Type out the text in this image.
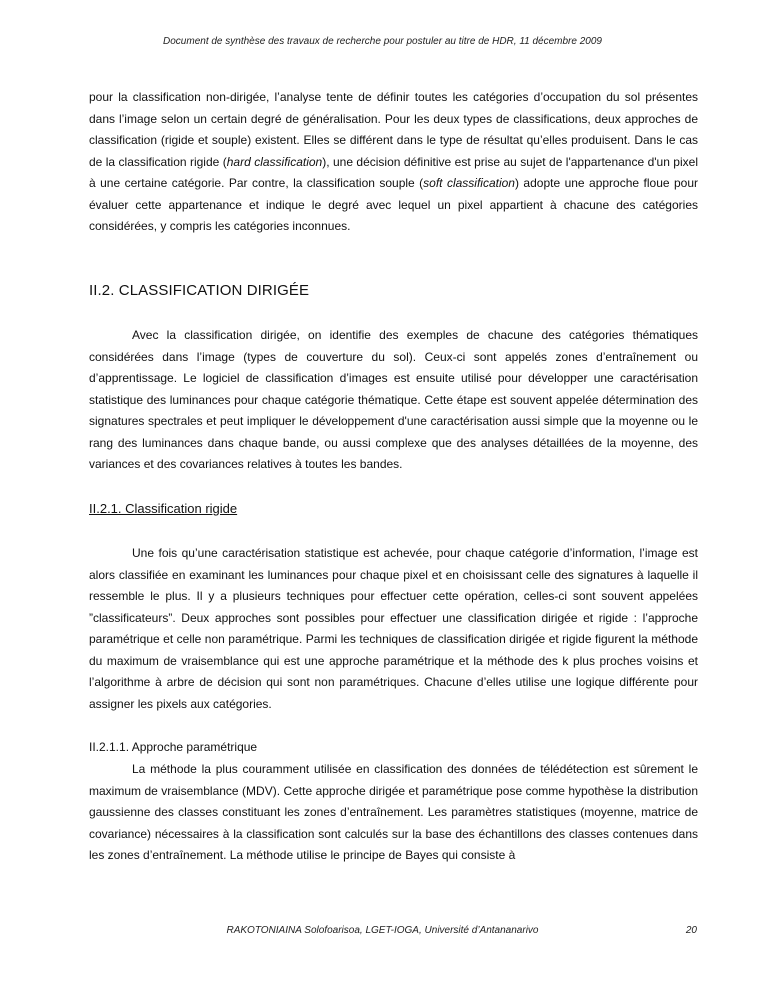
Document de synthèse des travaux de recherche pour postuler au titre de HDR, 11 décembre 2009

pour la classification non-dirigée, l’analyse tente de définir toutes les catégories d’occupation du sol présentes dans l’image selon un certain degré de généralisation. Pour les deux types de classifications, deux approches de classification (rigide et souple) existent. Elles se différent dans le type de résultat qu’elles produisent. Dans le cas de la classification rigide (hard classification), une décision définitive est prise au sujet de l'appartenance d'un pixel à une certaine catégorie. Par contre, la classification souple (soft classification) adopte une approche floue pour évaluer cette appartenance et indique le degré avec lequel un pixel appartient à chacune des catégories considérées, y compris les catégories inconnues.

II.2. CLASSIFICATION DIRIGÉE

Avec la classification dirigée, on identifie des exemples de chacune des catégories thématiques considérées dans l’image (types de couverture du sol). Ceux-ci sont appelés zones d’entraînement ou d’apprentissage. Le logiciel de classification d’images est ensuite utilisé pour développer une caractérisation statistique des luminances pour chaque catégorie thématique. Cette étape est souvent appelée détermination des signatures spectrales et peut impliquer le développement d'une caractérisation aussi simple que la moyenne ou le rang des luminances dans chaque bande, ou aussi complexe que des analyses détaillées de la moyenne, des variances et des covariances relatives à toutes les bandes.

II.2.1. Classification rigide

Une fois qu’une caractérisation statistique est achevée, pour chaque catégorie d’information, l’image est alors classifiée en examinant les luminances pour chaque pixel et en choisissant celle des signatures à laquelle il ressemble le plus. Il y a plusieurs techniques pour effectuer cette opération, celles-ci sont souvent appelées ”classificateurs”. Deux approches sont possibles pour effectuer une classification dirigée et rigide : l’approche paramétrique et celle non paramétrique. Parmi les techniques de classification dirigée et rigide figurent la méthode du maximum de vraisemblance qui est une approche paramétrique et la méthode des k plus proches voisins et l’algorithme à arbre de décision qui sont non paramétriques. Chacune d’elles utilise une logique différente pour assigner les pixels aux catégories.

II.2.1.1. Approche paramétrique

La méthode la plus couramment utilisée en classification des données de télédétection est sûrement le maximum de vraisemblance (MDV). Cette approche dirigée et paramétrique pose comme hypothèse la distribution gaussienne des classes constituant les zones d’entraînement. Les paramètres statistiques (moyenne, matrice de covariance) nécessaires à la classification sont calculés sur la base des échantillons des classes contenues dans les zones d’entraînement. La méthode utilise le principe de Bayes qui consiste à

RAKOTONIAINA Solofoarisoa, LGET-IOGA, Université d’Antananarivo	20
